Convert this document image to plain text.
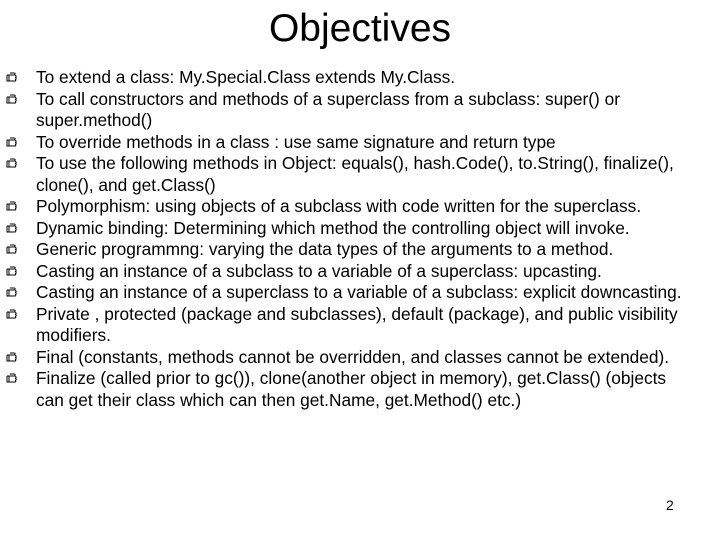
Objectives
To extend a class: My.Special.Class extends My.Class.
To call constructors and methods of a superclass from a subclass: super() or super.method()
To override methods in a class : use same signature and return type
To use the following methods in Object: equals(), hash.Code(), to.String(), finalize(), clone(), and get.Class()
Polymorphism: using objects of a subclass with code written for the superclass.
Dynamic binding: Determining which method the controlling object will invoke.
Generic programmng: varying the data types of the arguments to a method.
Casting an instance of a subclass to a variable of a superclass: upcasting.
Casting an instance of a superclass to a variable of a subclass: explicit downcasting.
Private , protected (package and subclasses), default (package), and public visibility modifiers.
Final (constants, methods cannot be overridden, and classes cannot be extended).
Finalize (called prior to gc()), clone(another object in memory), get.Class() (objects can get their class which can then get.Name, get.Method() etc.)
2
